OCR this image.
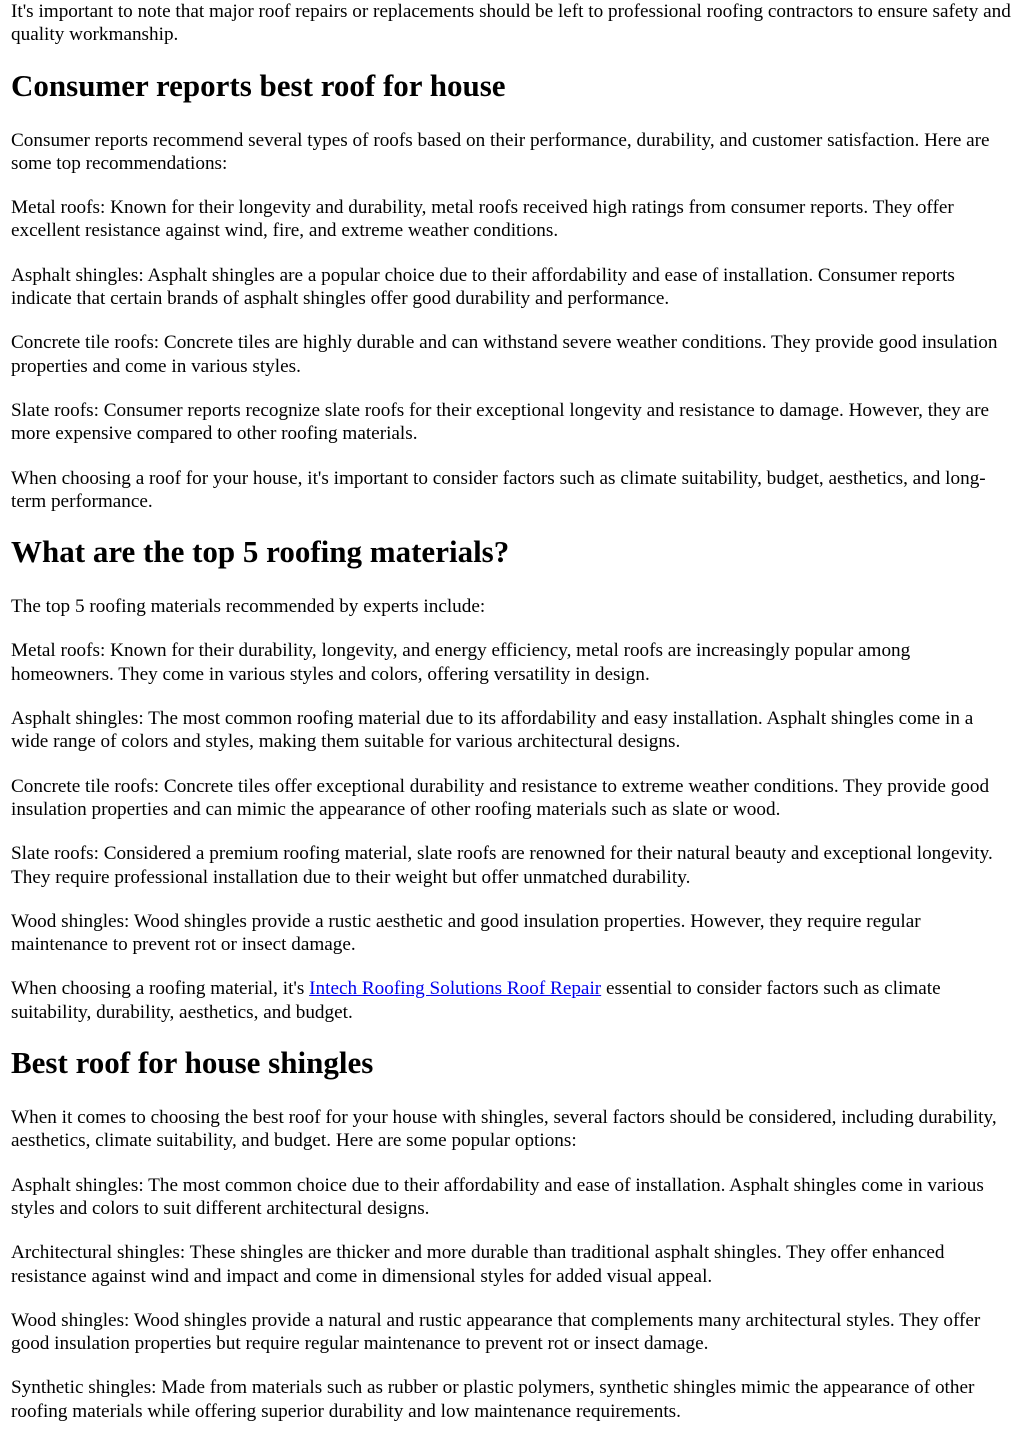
It's important to note that major roof repairs or replacements should be left to professional roofing contractors to ensure safety and quality workmanship.

Consumer reports best roof for house

Consumer reports recommend several types of roofs based on their performance, durability, and customer satisfaction. Here are some top recommendations:

Metal roofs: Known for their longevity and durability, metal roofs received high ratings from consumer reports. They offer excellent resistance against wind, fire, and extreme weather conditions.

Asphalt shingles: Asphalt shingles are a popular choice due to their affordability and ease of installation. Consumer reports indicate that certain brands of asphalt shingles offer good durability and performance.

Concrete tile roofs: Concrete tiles are highly durable and can withstand severe weather conditions. They provide good insulation properties and come in various styles.

Slate roofs: Consumer reports recognize slate roofs for their exceptional longevity and resistance to damage. However, they are more expensive compared to other roofing materials.

When choosing a roof for your house, it's important to consider factors such as climate suitability, budget, aesthetics, and long-term performance.

What are the top 5 roofing materials?

The top 5 roofing materials recommended by experts include:

Metal roofs: Known for their durability, longevity, and energy efficiency, metal roofs are increasingly popular among homeowners. They come in various styles and colors, offering versatility in design.

Asphalt shingles: The most common roofing material due to its affordability and easy installation. Asphalt shingles come in a wide range of colors and styles, making them suitable for various architectural designs.

Concrete tile roofs: Concrete tiles offer exceptional durability and resistance to extreme weather conditions. They provide good insulation properties and can mimic the appearance of other roofing materials such as slate or wood.

Slate roofs: Considered a premium roofing material, slate roofs are renowned for their natural beauty and exceptional longevity. They require professional installation due to their weight but offer unmatched durability.

Wood shingles: Wood shingles provide a rustic aesthetic and good insulation properties. However, they require regular maintenance to prevent rot or insect damage.

When choosing a roofing material, it's Intech Roofing Solutions Roof Repair essential to consider factors such as climate suitability, durability, aesthetics, and budget.

Best roof for house shingles

When it comes to choosing the best roof for your house with shingles, several factors should be considered, including durability, aesthetics, climate suitability, and budget. Here are some popular options:

Asphalt shingles: The most common choice due to their affordability and ease of installation. Asphalt shingles come in various styles and colors to suit different architectural designs.

Architectural shingles: These shingles are thicker and more durable than traditional asphalt shingles. They offer enhanced resistance against wind and impact and come in dimensional styles for added visual appeal.

Wood shingles: Wood shingles provide a natural and rustic appearance that complements many architectural styles. They offer good insulation properties but require regular maintenance to prevent rot or insect damage.

Synthetic shingles: Made from materials such as rubber or plastic polymers, synthetic shingles mimic the appearance of other roofing materials while offering superior durability and low maintenance requirements.
